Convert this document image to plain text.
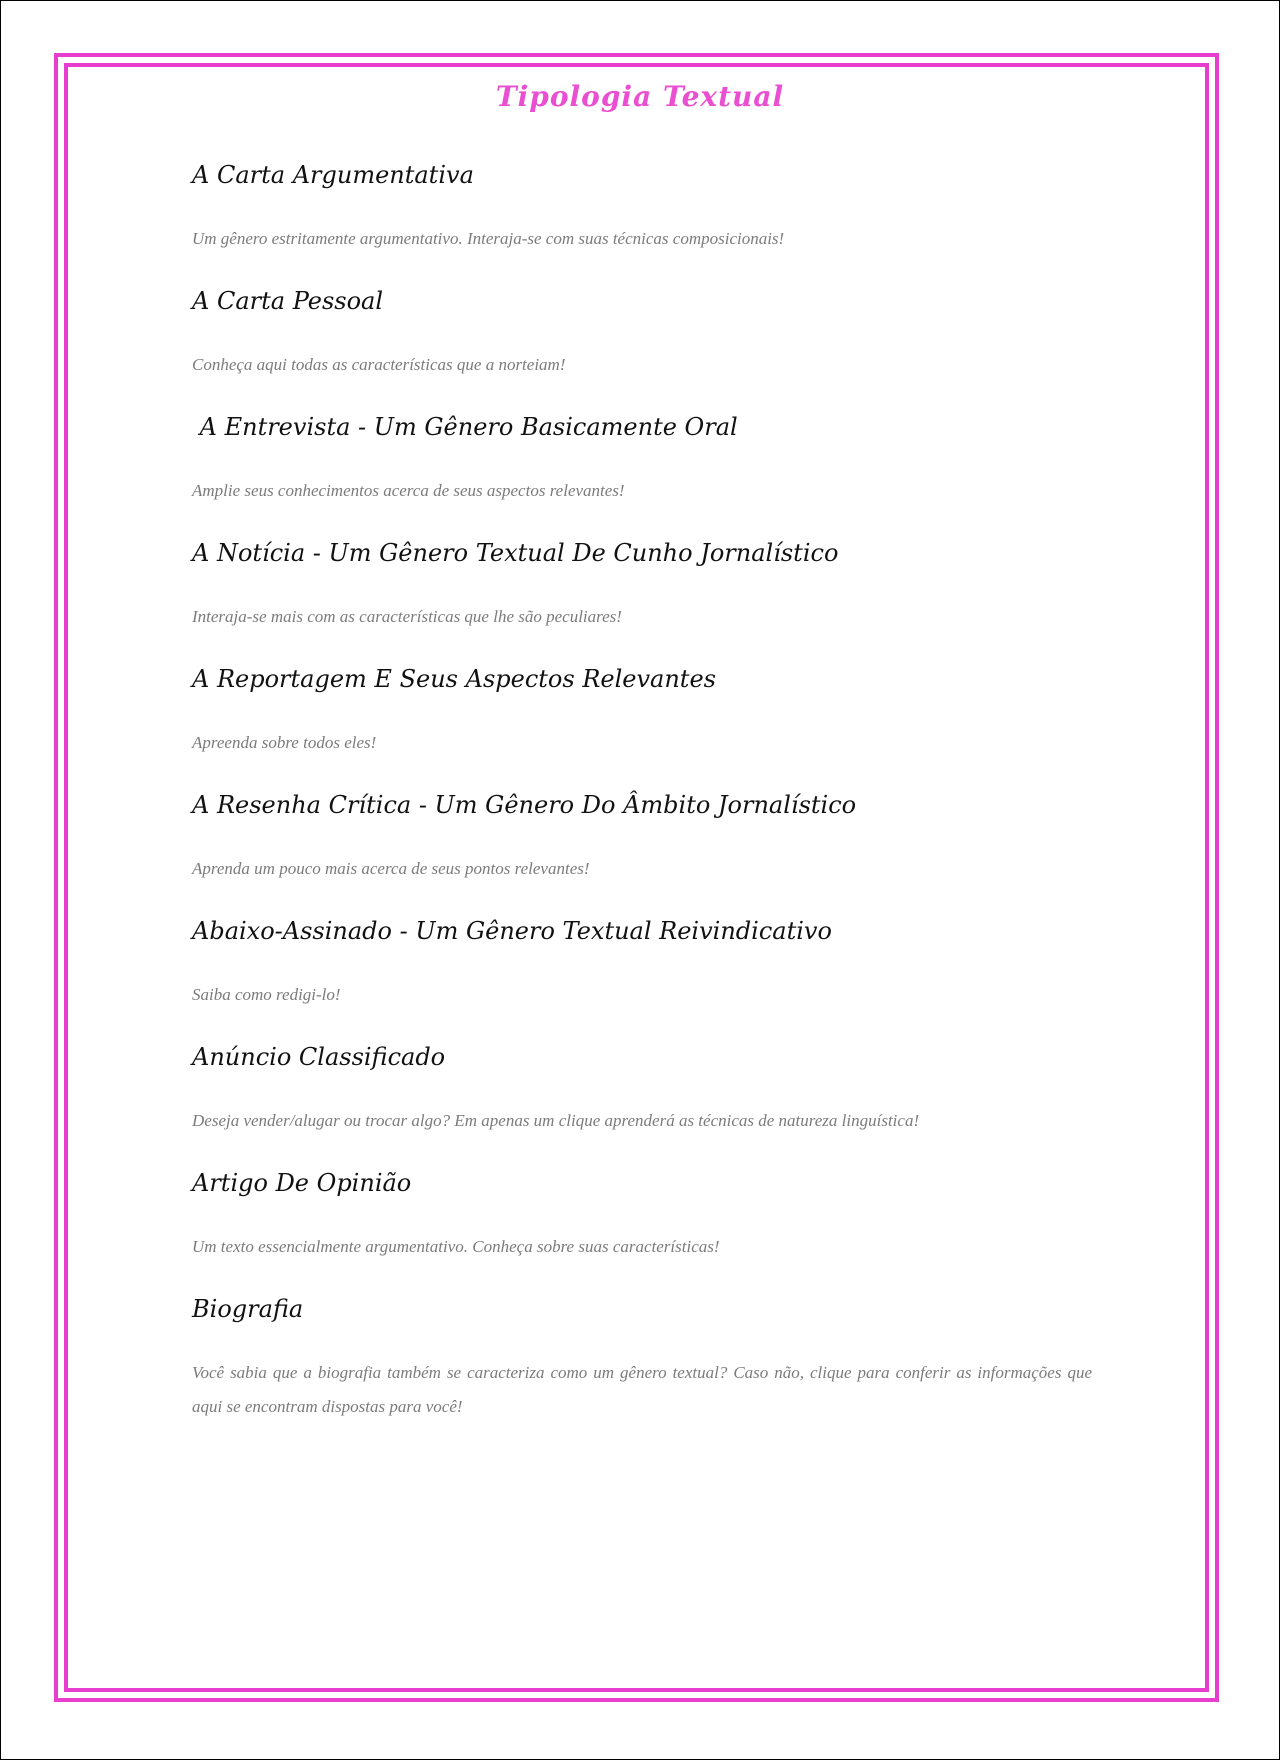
Tipologia Textual
A Carta Argumentativa
Um gênero estritamente argumentativo. Interaja-se com suas técnicas composicionais!
A Carta Pessoal
Conheça aqui todas as características que a norteiam!
A Entrevista - Um Gênero Basicamente Oral
Amplie seus conhecimentos acerca de seus aspectos relevantes!
A Notícia - Um Gênero Textual De Cunho Jornalístico
Interaja-se mais com as características que lhe são peculiares!
A Reportagem E Seus Aspectos Relevantes
Apreenda sobre todos eles!
A Resenha Crítica - Um Gênero Do Âmbito Jornalístico
Aprenda um pouco mais acerca de seus pontos relevantes!
Abaixo-Assinado - Um Gênero Textual Reivindicativo
Saiba como redigi-lo!
Anúncio Classificado
Deseja vender/alugar ou trocar algo? Em apenas um clique aprenderá as técnicas de natureza linguística!
Artigo De Opinião
Um texto essencialmente argumentativo. Conheça sobre suas características!
Biografia
Você sabia que a biografia também se caracteriza como um gênero textual? Caso não, clique para conferir as informações que aqui se encontram dispostas para você!
